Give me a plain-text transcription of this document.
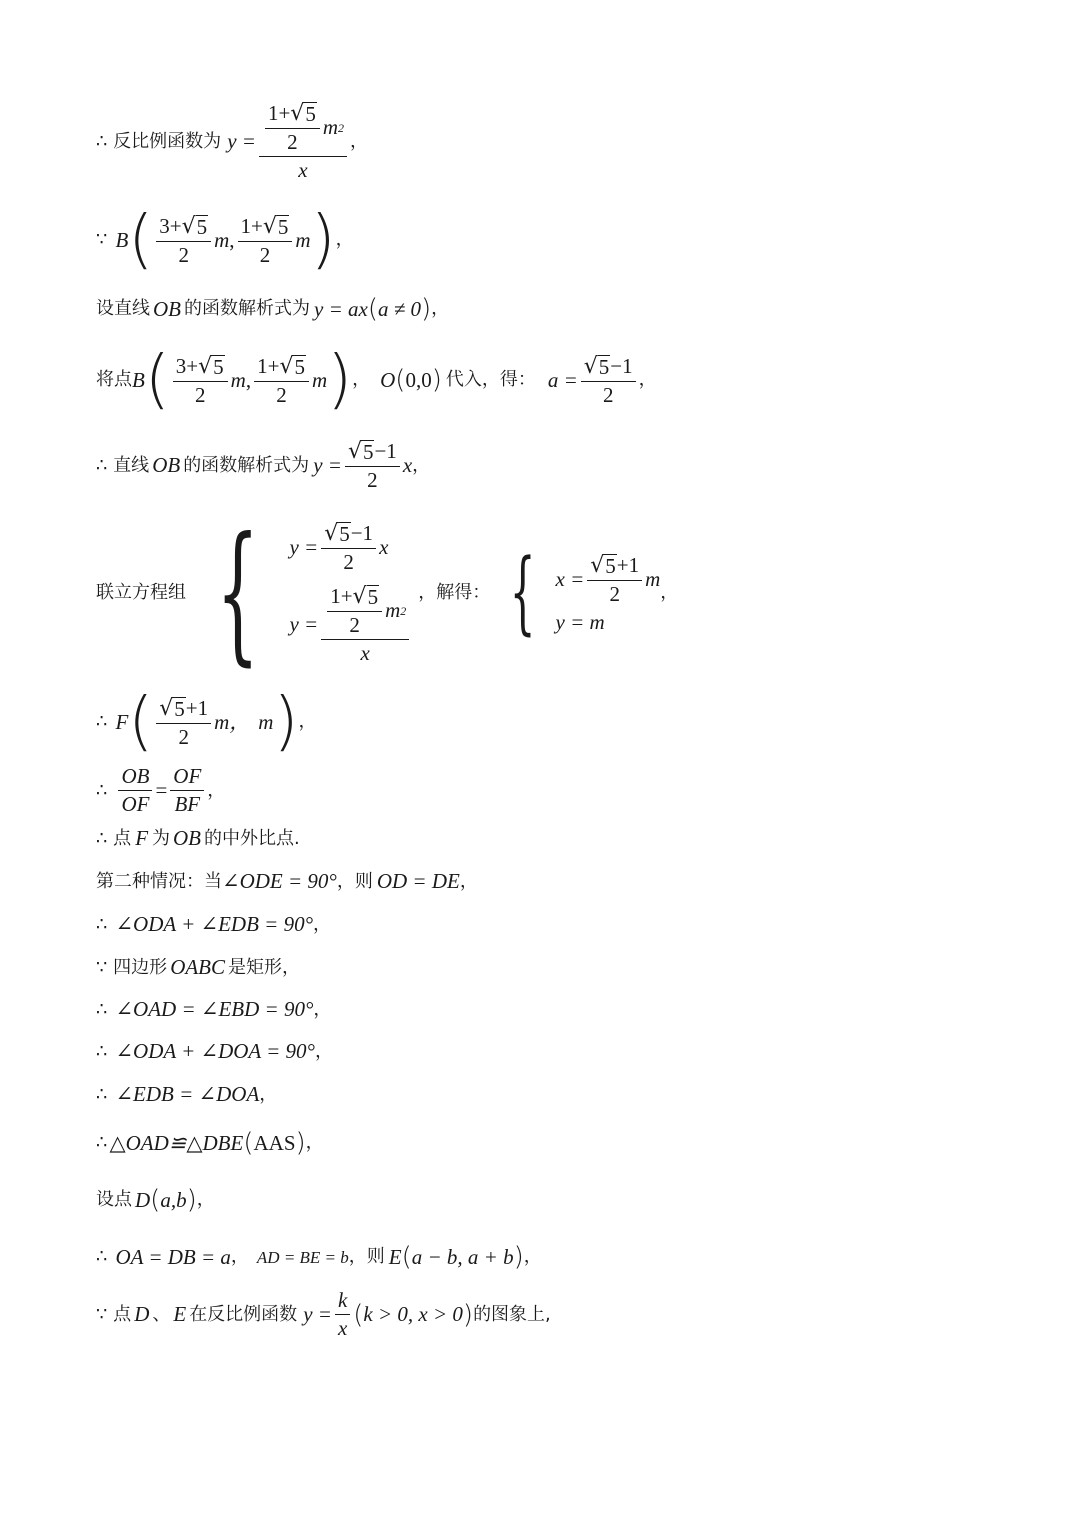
∴ 反比例函数为 $y = \frac{1+ √ 5}{2}$ m 2
x
，
∵ B ( $\frac{3+ √ 5}{2}$ m , $\frac{1+ √ 5}{2}$ m ) ，
设直线 OB 的函数解析式为 y = ax ( a ≠ 0 ) ，
将点 B ( $\frac{3+ √ 5}{2}$ m , $\frac{1+ √ 5}{2}$ m ) ， O ( 0,0 ) 代入，得： $a = \frac{√ 5 -1}{2}$ ，
∴ 直线 OB 的函数解析式为 $y = \frac{√ 5 -1}{2}$ x ，
联立方程组 { $y = \frac{√ 5 -1}{2}$ x
$y = \frac{1+ √ 5}{2}$ m 2
x
，解得： { $x = \frac{√ 5 +1}{2}$ m
y = m
，
∴ F ( $\frac{√ 5 +1}{2}$ m， m ) ，
∴ $\frac{OB}{OF} = \frac{OF}{BF}$ ，
∴ 点 F 为 OB 的中外比点.
第二种情况：当 ∠ODE = 90° ，则 OD = DE ，
∴ ∠ODA + ∠EDB = 90° ，
∵ 四边形 OABC 是矩形，
∴ ∠OAD = ∠EBD = 90° ，
∴ ∠ODA + ∠DOA = 90° ，
∴ ∠EDB = ∠DOA ，
∴ △OAD≌△DBE ( AAS ) ，
设点 D ( a,b ) ，
∴ OA = DB = a ， AD = BE = b ，则 E ( a − b, a + b ) ，
∵ 点 D 、 E 在反比例函数 $y = \frac{k}{x}$ ( k > 0, x > 0 ) 的图象上,
